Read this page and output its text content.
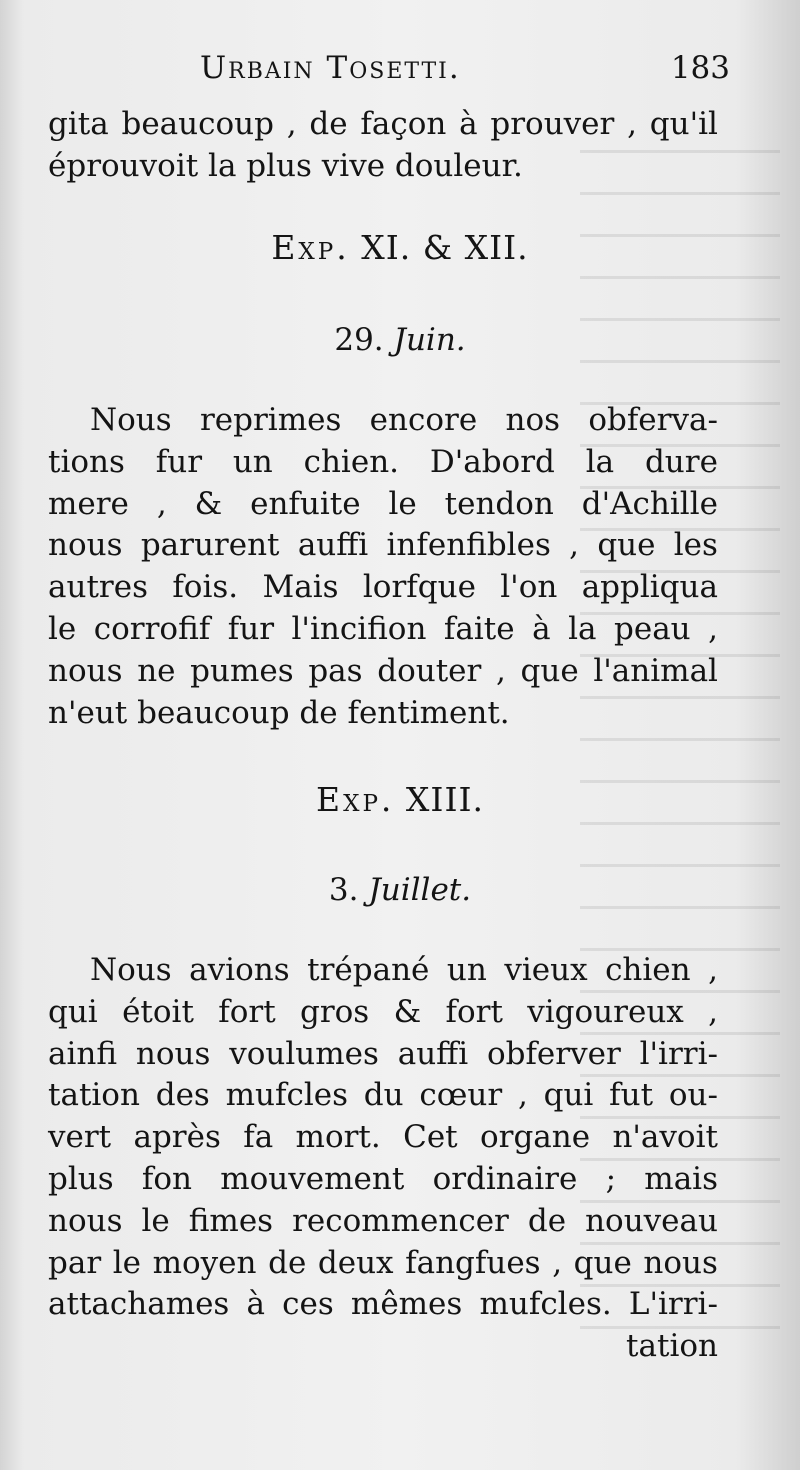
Urbain Tosetti.	183
gita beaucoup , de façon à prouver , qu'il
éprouvoit la plus vive douleur.
Exp. XI. & XII.
29. Juin.
Nous reprimes encore nos obferva-
tions fur un chien. D'abord la dure
mere , & enfuite le tendon d'Achille
nous parurent auffi infenfibles , que les
autres fois. Mais lorfque l'on appliqua
le corrofif fur l'incifion faite à la peau ,
nous ne pumes pas douter , que l'animal
n'eut beaucoup de fentiment.
Exp. XIII.
3. Juillet.
Nous avions trépané un vieux chien ,
qui étoit fort gros & fort vigoureux ,
ainfi nous voulumes auffi obferver l'irri-
tation des mufcles du cœur , qui fut ou-
vert après fa mort. Cet organe n'avoit
plus fon mouvement ordinaire ; mais
nous le fimes recommencer de nouveau
par le moyen de deux fangfues , que nous
attachames à ces mêmes mufcles. L'irri-
tation
